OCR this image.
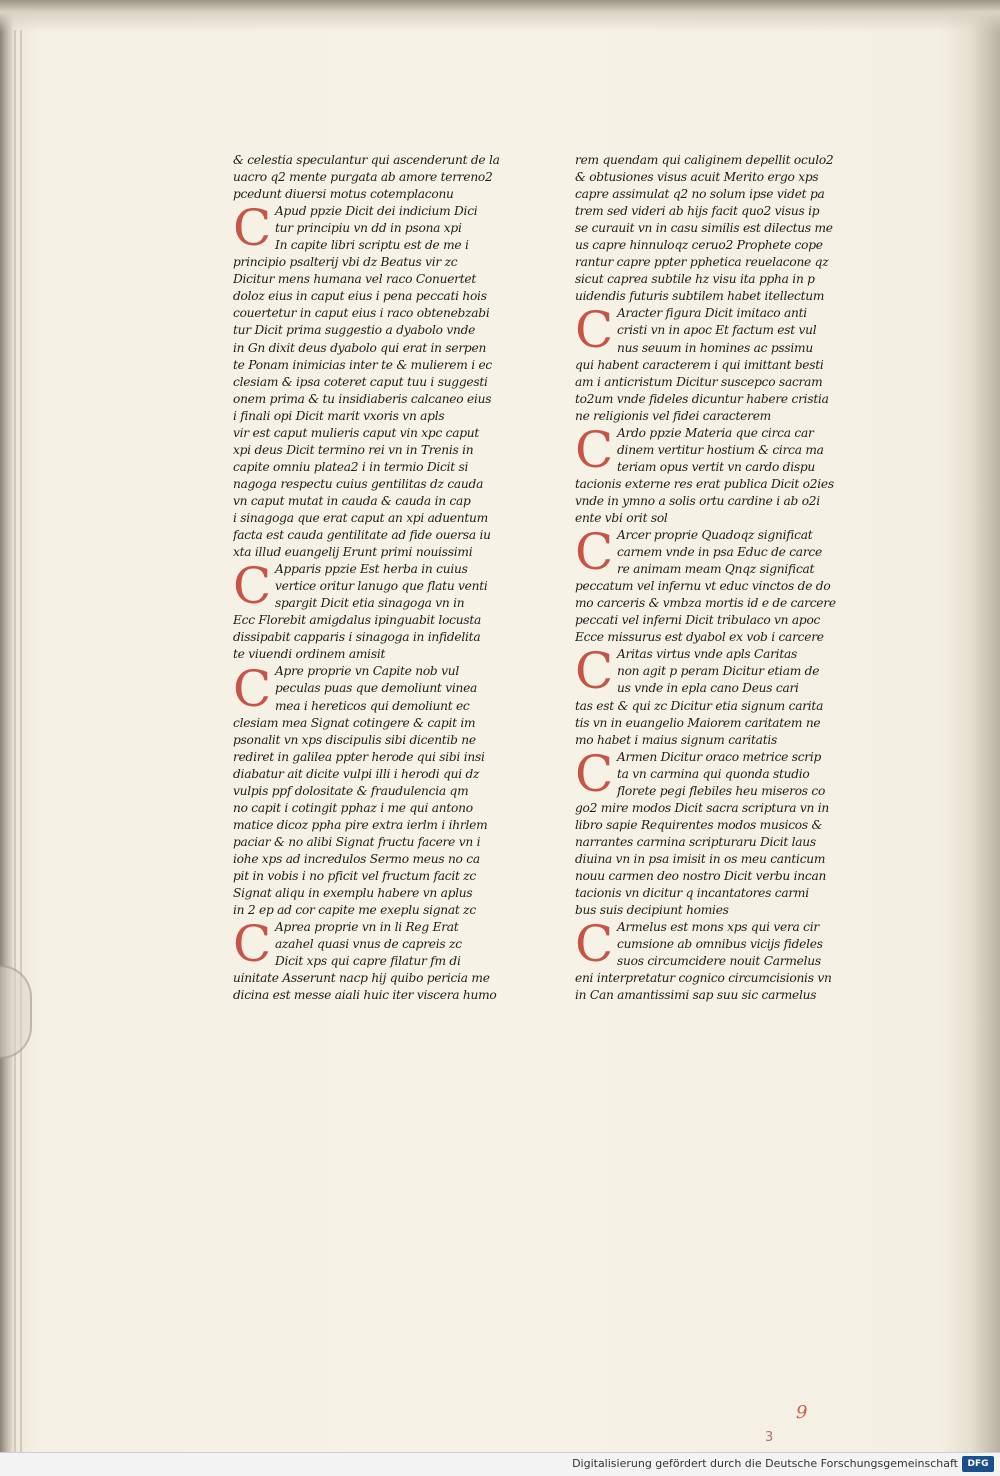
& celestia speculantur qui ascenderunt de la
uacro q2 mente purgata ab amore terreno2
pcedunt diuersi motus cotemplaconu
Apud ppzie Dicit dei indicium Dici
tur principiu vn dd in psona xpi
In capite libri scriptu est de me i
principio psalterij vbi dz Beatus vir zc
Dicitur mens humana vel raco Conuertet
doloz eius in caput eius i pena peccati hois
couertetur in caput eius i raco obtenebzabi
tur Dicit prima suggestio a dyabolo vnde
in Gn dixit deus dyabolo qui erat in serpen
te Ponam inimicias inter te & mulierem i ec
clesiam & ipsa coteret caput tuu i suggesti
onem prima & tu insidiaberis calcaneo eius
i finali opi Dicit marit vxoris vn apls
vir est caput mulieris caput vin xpc caput
xpi deus Dicit termino rei vn in Trenis in
capite omniu platea2 i in termio Dicit si
nagoga respectu cuius gentilitas dz cauda
vn caput mutat in cauda & cauda in cap
i sinagoga que erat caput an xpi aduentum
facta est cauda gentilitate ad fide ouersa iu
xta illud euangelij Erunt primi nouissimi
Apparis ppzie Est herba in cuius
vertice oritur lanugo que flatu venti
spargit Dicit etia sinagoga vn in
Ecc Florebit amigdalus ipinguabit locusta
dissipabit capparis i sinagoga in infidelita
te viuendi ordinem amisit
Apre proprie vn Capite nob vul
peculas puas que demoliunt vinea
mea i hereticos qui demoliunt ec
clesiam mea Signat cotingere & capit im
psonalit vn xps discipulis sibi dicentib ne
rediret in galilea ppter herode qui sibi insi
diabatur ait dicite vulpi illi i herodi qui dz
vulpis ppf dolositate & fraudulencia qm
no capit i cotingit pphaz i me qui antono
matice dicoz ppha pire extra ierlm i ihrlem
paciar & no alibi Signat fructu facere vn i
iohe xps ad incredulos Sermo meus no ca
pit in vobis i no pficit vel fructum facit zc
Signat aliqu in exemplu habere vn aplus
in 2 ep ad cor capite me exeplu signat zc
Aprea proprie vn in li Reg Erat
azahel quasi vnus de capreis zc
Dicit xps qui capre filatur fm di
uinitate Asserunt nacp hij quibo pericia me
dicina est messe aiali huic iter viscera humo
C
C
C
C
rem quendam qui caliginem depellit oculo2
& obtusiones visus acuit Merito ergo xps
capre assimulat q2 no solum ipse videt pa
trem sed videri ab hijs facit quo2 visus ip
se curauit vn in casu similis est dilectus me
us capre hinnuloqz ceruo2 Prophete cope
rantur capre ppter pphetica reuelacone qz
sicut caprea subtile hz visu ita ppha in p
uidendis futuris subtilem habet itellectum
Aracter figura Dicit imitaco anti
cristi vn in apoc Et factum est vul
nus seuum in homines ac pssimu
qui habent caracterem i qui imittant besti
am i anticristum Dicitur suscepco sacram
to2um vnde fideles dicuntur habere cristia
ne religionis vel fidei caracterem
Ardo ppzie Materia que circa car
dinem vertitur hostium & circa ma
teriam opus vertit vn cardo dispu
tacionis externe res erat publica Dicit o2ies
vnde in ymno a solis ortu cardine i ab o2i
ente vbi orit sol
Arcer proprie Quadoqz significat
carnem vnde in psa Educ de carce
re animam meam Qnqz significat
peccatum vel infernu vt educ vinctos de do
mo carceris & vmbza mortis id e de carcere
peccati vel inferni Dicit tribulaco vn apoc
Ecce missurus est dyabol ex vob i carcere
Aritas virtus vnde apls Caritas
non agit p peram Dicitur etiam de
us vnde in epla cano Deus cari
tas est & qui zc Dicitur etia signum carita
tis vn in euangelio Maiorem caritatem ne
mo habet i maius signum caritatis
Armen Dicitur oraco metrice scrip
ta vn carmina qui quonda studio
florete pegi flebiles heu miseros co
go2 mire modos Dicit sacra scriptura vn in
libro sapie Requirentes modos musicos &
narrantes carmina scripturaru Dicit laus
diuina vn in psa imisit in os meu canticum
nouu carmen deo nostro Dicit verbu incan
tacionis vn dicitur q incantatores carmi
bus suis decipiunt homies
Armelus est mons xps qui vera cir
cumsione ab omnibus vicijs fideles
suos circumcidere nouit Carmelus
eni interpretatur cognico circumcisionis vn
in Can amantissimi sap suu sic carmelus
C
C
C
C
C
C
9
3
Digitalisierung gefördert durch die Deutsche Forschungsgemeinschaft	DFG
